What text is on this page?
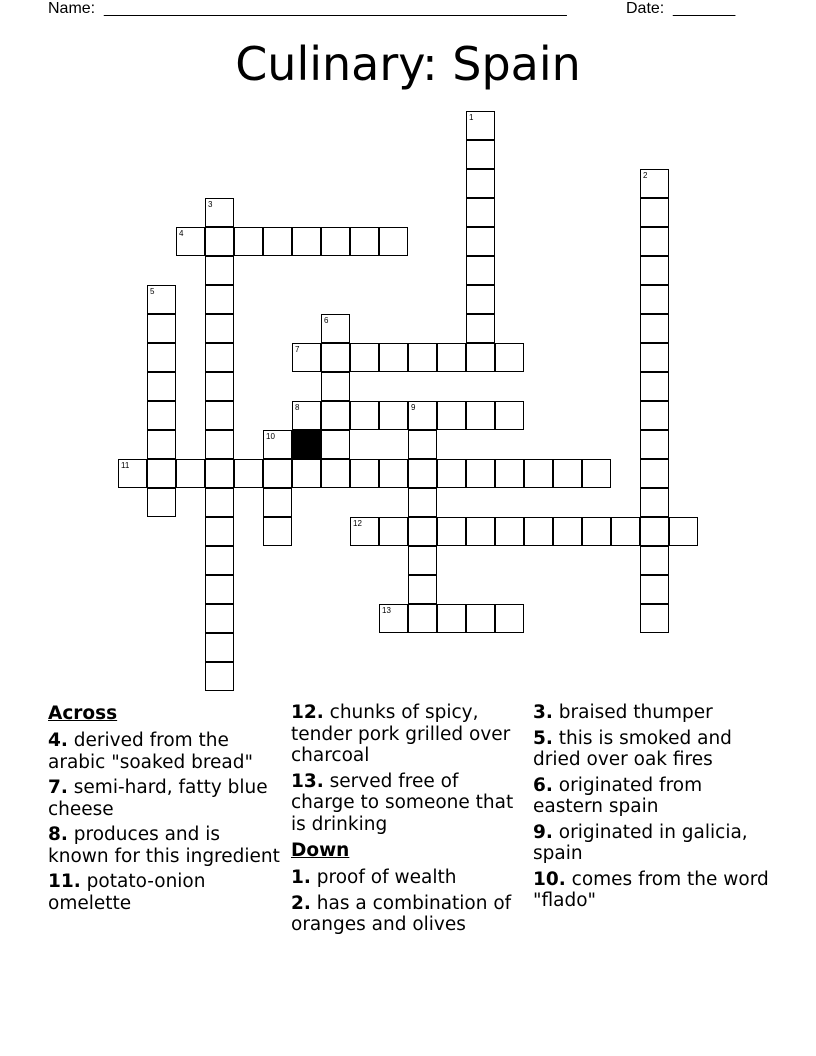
Name: ____________________________________________________	Date: _______
Culinary: Spain
1
2
3
4
5
6
7
8	9
10
11
12
13
Across
4. derived from the arabic "soaked bread"
7. semi-hard, fatty blue cheese
8. produces and is known for this ingredient
11. potato-onion omelette
12. chunks of spicy, tender pork grilled over charcoal
13. served free of charge to someone that is drinking
Down
1. proof of wealth
2. has a combination of oranges and olives
3. braised thumper
5. this is smoked and dried over oak fires
6. originated from eastern spain
9. originated in galicia, spain
10. comes from the word "flado"
